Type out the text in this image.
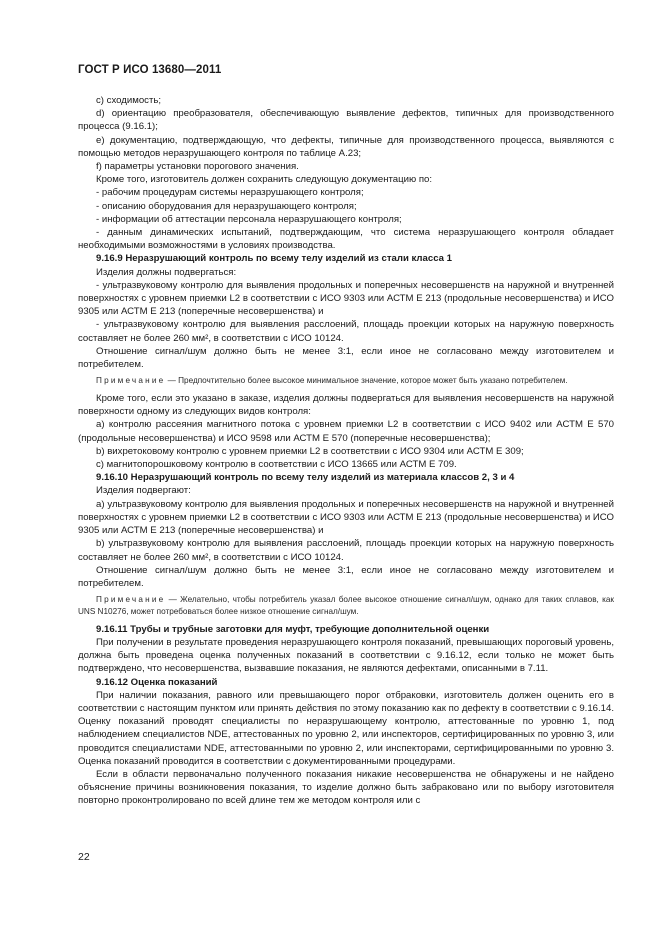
ГОСТ Р ИСО 13680—2011

с) сходимость;

d) ориентацию преобразователя, обеспечивающую выявление дефектов, типичных для производственного процесса (9.16.1);

е) документацию, подтверждающую, что дефекты, типичные для производственного процесса, выявляются с помощью методов неразрушающего контроля по таблице А.23;

f) параметры установки порогового значения.

Кроме того, изготовитель должен сохранить следующую документацию по:

- рабочим процедурам системы неразрушающего контроля;

- описанию оборудования для неразрушающего контроля;

- информации об аттестации персонала неразрушающего контроля;

- данным динамических испытаний, подтверждающим, что система неразрушающего контроля обладает необходимыми возможностями в условиях производства.

9.16.9 Неразрушающий контроль по всему телу изделий из стали класса 1

Изделия должны подвергаться:

- ультразвуковому контролю для выявления продольных и поперечных несовершенств на наружной и внутренней поверхностях с уровнем приемки L2 в соответствии с ИСО 9303 или АСТМ Е 213 (продольные несовершенства) и ИСО 9305 или АСТМ Е 213 (поперечные несовершенства) и

- ультразвуковому контролю для выявления расслоений, площадь проекции которых на наружную поверхность составляет не более 260 мм², в соответствии с ИСО 10124.

Отношение сигнал/шум должно быть не менее 3:1, если иное не согласовано между изготовителем и потребителем.

Примечание — Предпочтительно более высокое минимальное значение, которое может быть указано потребителем.

Кроме того, если это указано в заказе, изделия должны подвергаться для выявления несовершенств на наружной поверхности одному из следующих видов контроля:

а) контролю рассеяния магнитного потока с уровнем приемки L2 в соответствии с ИСО 9402 или АСТМ Е 570 (продольные несовершенства) и ИСО 9598 или АСТМ Е 570 (поперечные несовершенства);

b) вихретоковому контролю с уровнем приемки L2 в соответствии с ИСО 9304 или АСТМ Е 309;

с) магнитопорошковому контролю в соответствии с ИСО 13665 или АСТМ Е 709.

9.16.10 Неразрушающий контроль по всему телу изделий из материала классов 2, 3 и 4

Изделия подвергают:

а) ультразвуковому контролю для выявления продольных и поперечных несовершенств на наружной и внутренней поверхностях с уровнем приемки L2 в соответствии с ИСО 9303 или АСТМ Е 213 (продольные несовершенства) и ИСО 9305 или АСТМ Е 213 (поперечные несовершенства) и

b) ультразвуковому контролю для выявления расслоений, площадь проекции которых на наружную поверхность составляет не более 260 мм², в соответствии с ИСО 10124.

Отношение сигнал/шум должно быть не менее 3:1, если иное не согласовано между изготовителем и потребителем.

Примечание — Желательно, чтобы потребитель указал более высокое отношение сигнал/шум, однако для таких сплавов, как UNS N10276, может потребоваться более низкое отношение сигнал/шум.

9.16.11 Трубы и трубные заготовки для муфт, требующие дополнительной оценки

При получении в результате проведения неразрушающего контроля показаний, превышающих пороговый уровень, должна быть проведена оценка полученных показаний в соответствии с 9.16.12, если только не может быть подтверждено, что несовершенства, вызвавшие показания, не являются дефектами, описанными в 7.11.

9.16.12 Оценка показаний

При наличии показания, равного или превышающего порог отбраковки, изготовитель должен оценить его в соответствии с настоящим пунктом или принять действия по этому показанию как по дефекту в соответствии с 9.16.14. Оценку показаний проводят специалисты по неразрушающему контролю, аттестованные по уровню 1, под наблюдением специалистов NDE, аттестованных по уровню 2, или инспекторов, сертифицированных по уровню 3, или проводится специалистами NDE, аттестованными по уровню 2, или инспекторами, сертифицированными по уровню 3. Оценка показаний проводится в соответствии с документированными процедурами.

Если в области первоначально полученного показания никакие несовершенства не обнаружены и не найдено объяснение причины возникновения показания, то изделие должно быть забраковано или по выбору изготовителя повторно проконтролировано по всей длине тем же методом контроля или с

22
